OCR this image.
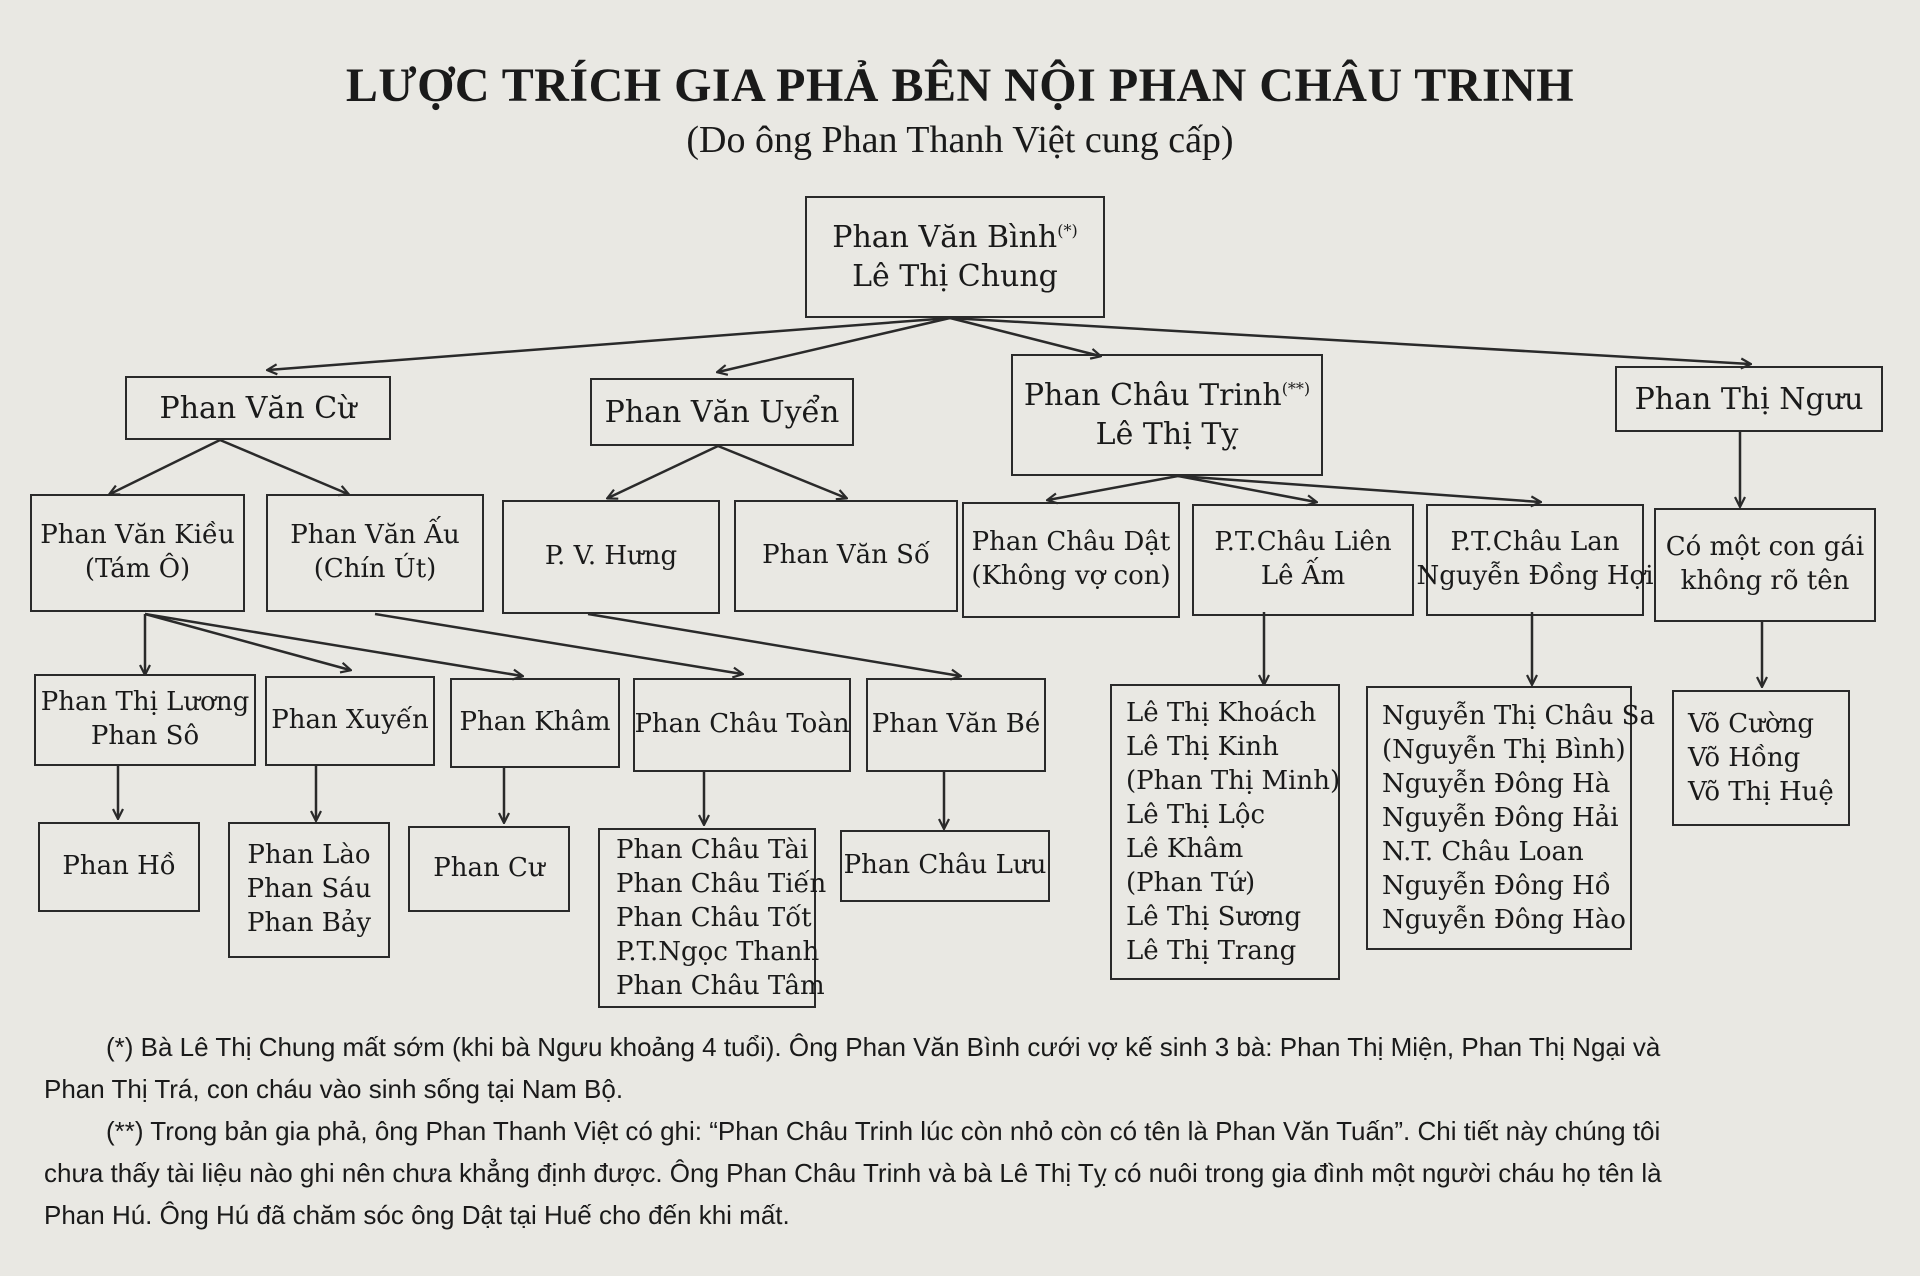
LƯỢC TRÍCH GIA PHẢ BÊN NỘI PHAN CHÂU TRINH
(Do ông Phan Thanh Việt cung cấp)
Phan Văn Bình(*)
Lê Thị Chung
Phan Văn Cừ	Phan Văn Uyển	Phan Châu Trinh(**)
Lê Thị Tỵ
Phan Thị Ngưu
Phan Văn Kiều
(Tám Ô)
Phan Văn Ấu
(Chín Út)	P. V. Hưng	Phan Văn Số Phan Châu Dật
(Không vợ con)
P.T.Châu Liên
Lê Ấm
P.T.Châu Lan
Nguyễn Đồng Hợi
Có một con gái
không rõ tên
Phan Thị Lương
Phan Sô
Phan Xuyến Phan Khâm Phan Châu Toàn Phan Văn Bé	Lê Thị Khoách
Lê Thị Kinh
(Phan Thị Minh)
Lê Thị Lộc
Lê Khâm
(Phan Tứ)
Lê Thị Sương
Lê Thị Trang
Nguyễn Thị Châu Sa
(Nguyễn Thị Bình)
Nguyễn Đông Hà
Nguyễn Đông Hải
N.T. Châu Loan
Nguyễn Đông Hồ
Nguyễn Đông Hào
Võ Cường
Võ Hồng
Võ Thị Huệ
Phan Hồ	Phan Lào
Phan Sáu
Phan Bảy
Phan Cư
Phan Châu Tài
Phan Châu Tiến
Phan Châu Tốt
P.T.Ngọc Thanh
Phan Châu Tâm
Phan Châu Lưu
(*) Bà Lê Thị Chung mất sớm (khi bà Ngưu khoảng 4 tuổi). Ông Phan Văn Bình cưới vợ kế sinh 3 bà: Phan Thị Miện, Phan Thị Ngại và
Phan Thị Trá, con cháu vào sinh sống tại Nam Bộ.
(**) Trong bản gia phả, ông Phan Thanh Việt có ghi: “Phan Châu Trinh lúc còn nhỏ còn có tên là Phan Văn Tuấn”. Chi tiết này chúng tôi
chưa thấy tài liệu nào ghi nên chưa khẳng định được. Ông Phan Châu Trinh và bà Lê Thị Tỵ có nuôi trong gia đình một người cháu họ tên là
Phan Hú. Ông Hú đã chăm sóc ông Dật tại Huế cho đến khi mất.
